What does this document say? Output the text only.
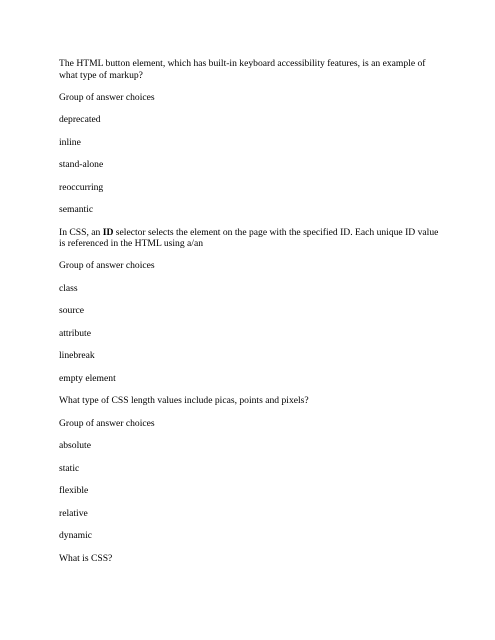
The HTML button element, which has built-in keyboard accessibility features, is an example of what type of markup?

Group of answer choices

deprecated

inline

stand-alone

reoccurring

semantic

In CSS, an ID selector selects the element on the page with the specified ID. Each unique ID value is referenced in the HTML using a/an

Group of answer choices

class

source

attribute

linebreak

empty element

What type of CSS length values include picas, points and pixels?

Group of answer choices

absolute

static

flexible

relative

dynamic

What is CSS?
